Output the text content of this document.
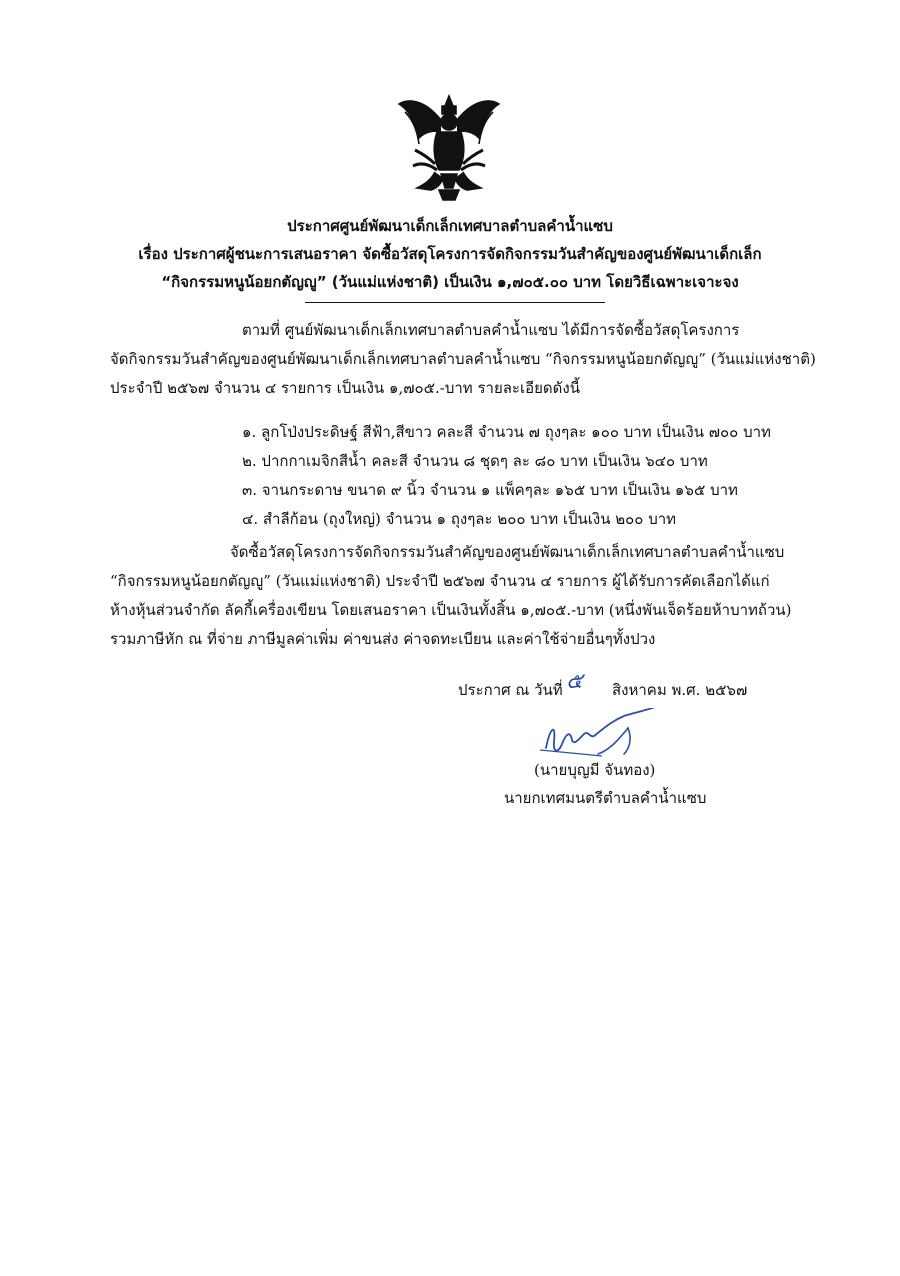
ประกาศศูนย์พัฒนาเด็กเล็กเทศบาลตำบลคำน้ำแซบ
เรื่อง ประกาศผู้ชนะการเสนอราคา จัดซื้อวัสดุโครงการจัดกิจกรรมวันสำคัญของศูนย์พัฒนาเด็กเล็ก
“กิจกรรมหนูน้อยกตัญญู” (วันแม่แห่งชาติ) เป็นเงิน ๑,๗๐๕.๐๐ บาท โดยวิธีเฉพาะเจาะจง
ตามที่ ศูนย์พัฒนาเด็กเล็กเทศบาลตำบลคำน้ำแซบ ได้มีการจัดซื้อวัสดุโครงการ
จัดกิจกรรมวันสำคัญของศูนย์พัฒนาเด็กเล็กเทศบาลตำบลคำน้ำแซบ “กิจกรรมหนูน้อยกตัญญู” (วันแม่แห่งชาติ)
ประจำปี ๒๕๖๗ จำนวน ๔ รายการ เป็นเงิน ๑,๗๐๕.-บาท รายละเอียดดังนี้
๑. ลูกโป่งประดิษฐ์ สีฟ้า,สีขาว คละสี จำนวน ๗ ถุงๆละ ๑๐๐ บาท เป็นเงิน ๗๐๐ บาท
๒. ปากกาเมจิกสีน้ำ คละสี จำนวน ๘ ชุดๆ ละ ๘๐ บาท เป็นเงิน ๖๔๐ บาท
๓. จานกระดาษ ขนาด ๙ นิ้ว จำนวน ๑ แพ็คๆละ ๑๖๕ บาท เป็นเงิน ๑๖๕ บาท
๔. สำลีก้อน (ถุงใหญ่) จำนวน ๑ ถุงๆละ ๒๐๐ บาท เป็นเงิน ๒๐๐ บาท
จัดซื้อวัสดุโครงการจัดกิจกรรมวันสำคัญของศูนย์พัฒนาเด็กเล็กเทศบาลตำบลคำน้ำแซบ
“กิจกรรมหนูน้อยกตัญญู” (วันแม่แห่งชาติ) ประจำปี ๒๕๖๗ จำนวน ๔ รายการ ผู้ได้รับการคัดเลือกได้แก่
ห้างหุ้นส่วนจำกัด ลัคกี้เครื่องเขียน โดยเสนอราคา เป็นเงินทั้งสิ้น ๑,๗๐๕.-บาท (หนึ่งพันเจ็ดร้อยห้าบาทถ้วน)
รวมภาษีหัก ณ ที่จ่าย ภาษีมูลค่าเพิ่ม ค่าขนส่ง ค่าจดทะเบียน และค่าใช้จ่ายอื่นๆทั้งปวง
ประกาศ ณ วันที่ ๕ สิงหาคม พ.ศ. ๒๕๖๗
(นายบุญมี จันทอง)
นายกเทศมนตรีตำบลคำน้ำแซบ
